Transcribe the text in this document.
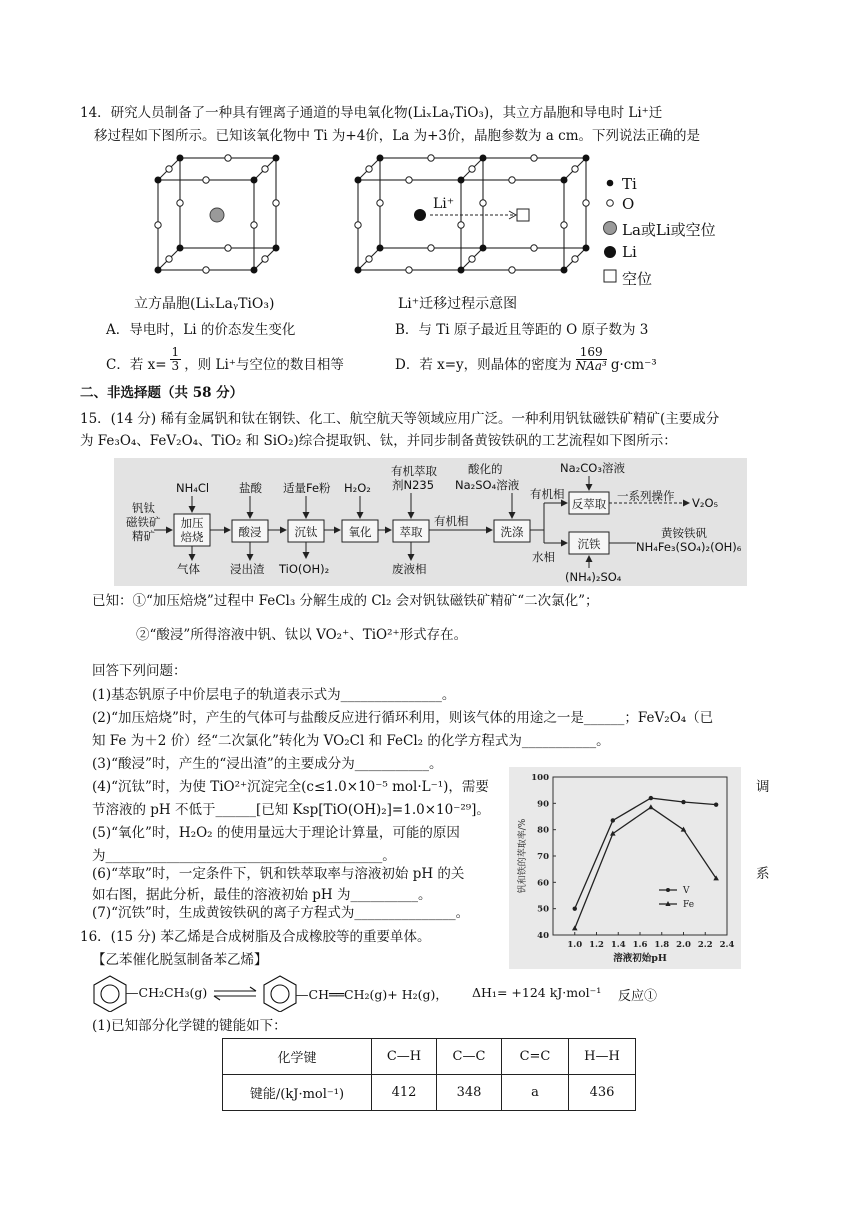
14．研究人员制备了一种具有锂离子通道的导电氧化物(LiₓLaᵧTiO₃)，其立方晶胞和导电时 Li⁺迁
移过程如下图所示。已知该氧化物中 Ti 为+4价，La 为+3价，晶胞参数为 a cm。下列说法正确的是
立方晶胞(LiₓLaᵧTiO₃)
Li⁺
Li⁺迁移过程示意图
Ti
O
La或Li或空位
Li
空位
A．导电时，Li 的价态发生变化	B．与 Ti 原子最近且等距的 O 原子数为 3
C．若 $x= \frac{1}{3}$ ，则 Li⁺与空位的数目相等	D．若 x=y，则晶体的密度为
169
NAa³ g·cm⁻³
二、非选择题（共 58 分）
15．(14 分) 稀有金属钒和钛在钢铁、化工、航空航天等领域应用广泛。一种利用钒钛磁铁矿精矿(主要成分
为 Fe₃O₄、FeV₂O₄、TiO₂ 和 SiO₂)综合提取钒、钛，并同步制备黄铵铁矾的工艺流程如下图所示：
钒钛
磁铁矿
精矿
NH₄Cl	盐酸 适量Fe粉 H₂O₂
有机萃取
剂N235
酸化的
Na₂SO₄溶液
Na₂CO₃溶液
加压
焙烧	酸浸	沉钛	氧化 萃取	洗涤
反萃取
沉铁
有机相
有机相
水相
一系列操作 V₂O₅
气体	浸出渣 TiO(OH)₂	废液相
(NH₄)₂SO₄
黄铵铁矾
NH₄Fe₃(SO₄)₂(OH)₆
已知：①“加压焙烧”过程中 FeCl₃ 分解生成的 Cl₂ 会对钒钛磁铁矿精矿“二次氯化”；
②“酸浸”所得溶液中钒、钛以 VO₂⁺、TiO²⁺形式存在。
回答下列问题：
(1)基态钒原子中价层电子的轨道表示式为_______________。
(2)“加压焙烧”时，产生的气体可与盐酸反应进行循环利用，则该气体的用途之一是______；FeV₂O₄（已
知 Fe 为＋2 价）经“二次氯化”转化为 VO₂Cl 和 FeCl₂ 的化学方程式为___________。
(3)“酸浸”时，产生的“浸出渣”的主要成分为___________。
(4)“沉钛”时，为使 TiO²⁺沉淀完全(c≤1.0×10⁻⁵ mol·L⁻¹)，需要	调
节溶液的 pH 不低于______[已知 Ksp[TiO(OH)₂]=1.0×10⁻²⁹]。
(5)“氧化”时，H₂O₂ 的使用量远大于理论计算量，可能的原因
为_________________________________________。
(6)“萃取”时，一定条件下，钒和铁萃取率与溶液初始 pH 的关	系
如右图，据此分析，最佳的溶液初始 pH 为__________。
(7)“沉铁”时，生成黄铵铁矾的离子方程式为_______________。
1.0 1.2 1.4 1.6 1.8 2.0 2.2 2.4
40
50
60
70
80
90
100
溶液初始pH
钒和铁的萃取率/%	V
Fe
16．(15 分) 苯乙烯是合成树脂及合成橡胶等的重要单体。
【乙苯催化脱氢制备苯乙烯】
—CH₂CH₃(g)	—CH══CH₂(g)+ H₂(g)， ΔH₁= +124 kJ·mol⁻¹ 反应①
(1)已知部分化学键的键能如下：
化学键	C—H	C—C	C=C	H—H
键能/(kJ·mol⁻¹)	412	348	a	436
